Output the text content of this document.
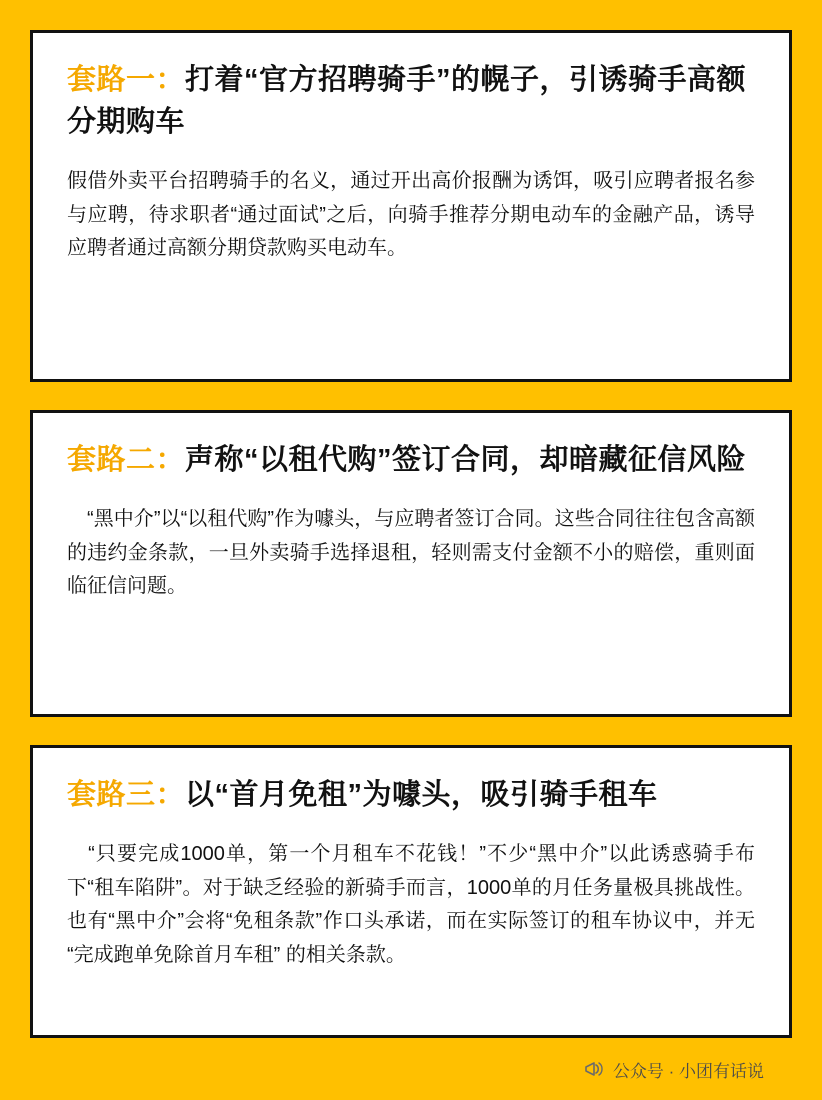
套路一：打着“官方招聘骑手”的幌子，引诱骑手高额分期购车

假借外卖平台招聘骑手的名义，通过开出高价报酬为诱饵，吸引应聘者报名参与应聘，待求职者“通过面试”之后，向骑手推荐分期电动车的金融产品，诱导应聘者通过高额分期贷款购买电动车。

套路二：声称“以租代购”签订合同，却暗藏征信风险

　“黑中介”以“以租代购”作为噱头，与应聘者签订合同。这些合同往往包含高额的违约金条款，一旦外卖骑手选择退租，轻则需支付金额不小的赔偿，重则面临征信问题。

套路三：以“首月免租”为噱头，吸引骑手租车

　“只要完成1000单，第一个月租车不花钱！”不少“黑中介”以此诱惑骑手布下“租车陷阱”。对于缺乏经验的新骑手而言，1000单的月任务量极具挑战性。也有“黑中介”会将“免租条款”作口头承诺，而在实际签订的租车协议中，并无 “完成跑单免除首月车租” 的相关条款。

公众号 · 小团有话说
